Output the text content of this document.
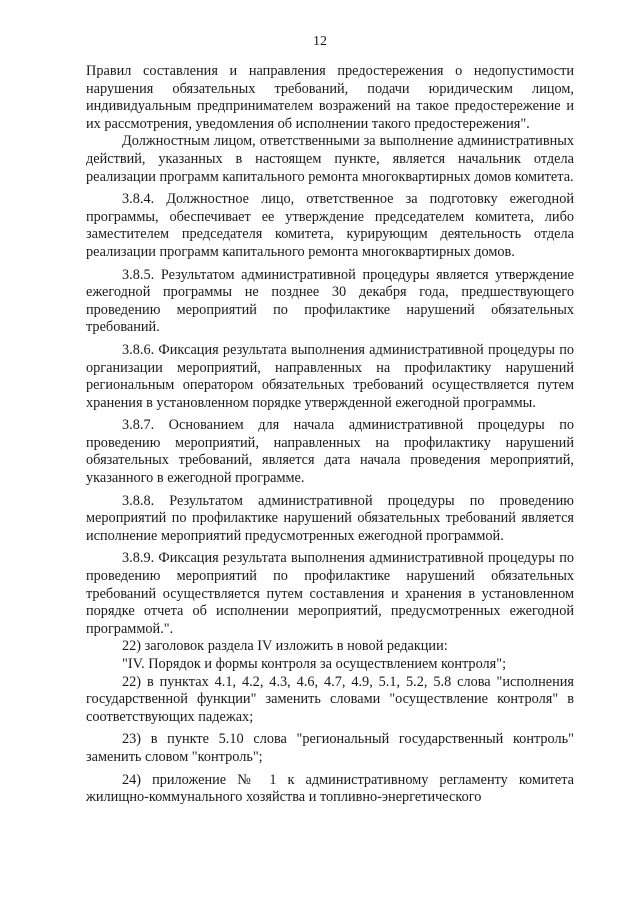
12

Правил составления и направления предостережения о недопустимости нарушения обязательных требований, подачи юридическим лицом, индивидуальным предпринимателем возражений на такое предостережение и их рассмотрения, уведомления об исполнении такого предостережения".

Должностным лицом, ответственными за выполнение административных действий, указанных в настоящем пункте, является начальник отдела реализации программ капитального ремонта многоквартирных домов комитета.

3.8.4. Должностное лицо, ответственное за подготовку ежегодной программы, обеспечивает ее утверждение председателем комитета, либо заместителем председателя комитета, курирующим деятельность отдела реализации программ капитального ремонта многоквартирных домов.

3.8.5. Результатом административной процедуры является утверждение ежегодной программы не позднее 30 декабря года, предшествующего проведению мероприятий по профилактике нарушений обязательных требований.

3.8.6. Фиксация результата выполнения административной процедуры по организации мероприятий, направленных на профилактику нарушений региональным оператором обязательных требований осуществляется путем хранения в установленном порядке утвержденной ежегодной программы.

3.8.7. Основанием для начала административной процедуры по проведению мероприятий, направленных на профилактику нарушений обязательных требований, является дата начала проведения мероприятий, указанного в ежегодной программе.

3.8.8. Результатом административной процедуры по проведению мероприятий по профилактике нарушений обязательных требований является исполнение мероприятий предусмотренных ежегодной программой.

3.8.9. Фиксация результата выполнения административной процедуры по проведению мероприятий по профилактике нарушений обязательных требований осуществляется путем составления и хранения в установленном порядке отчета об исполнении мероприятий, предусмотренных ежегодной программой.".

22) заголовок раздела IV изложить в новой редакции:

"IV. Порядок и формы контроля за осуществлением контроля";

22) в пунктах 4.1, 4.2, 4.3, 4.6, 4.7, 4.9, 5.1, 5.2, 5.8 слова "исполнения государственной функции" заменить словами "осуществление контроля" в соответствующих падежах;

23) в пункте 5.10 слова "региональный государственный контроль" заменить словом "контроль";

24) приложение № 1 к административному регламенту комитета жилищно-коммунального хозяйства и топливно-энергетического
